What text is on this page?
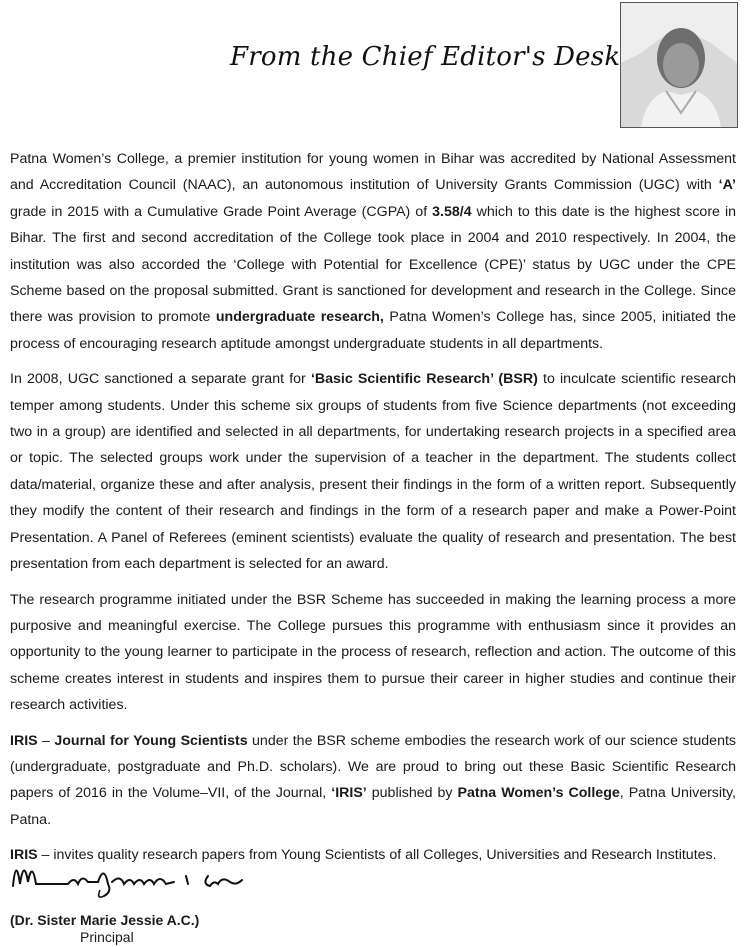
From the Chief Editor's Desk

Patna Women’s College, a premier institution for young women in Bihar was accredited by National Assessment and Accreditation Council (NAAC), an autonomous institution of University Grants Commission (UGC) with ‘A’ grade in 2015 with a Cumulative Grade Point Average (CGPA) of 3.58/4 which to this date is the highest score in Bihar. The first and second accreditation of the College took place in 2004 and 2010 respectively. In 2004, the institution was also accorded the ‘College with Potential for Excellence (CPE)’ status by UGC under the CPE Scheme based on the proposal submitted. Grant is sanctioned for development and research in the College. Since there was provision to promote undergraduate research, Patna Women’s College has, since 2005, initiated the process of encouraging research aptitude amongst undergraduate students in all departments.

In 2008, UGC sanctioned a separate grant for ‘Basic Scientific Research’ (BSR) to inculcate scientific research temper among students. Under this scheme six groups of students from five Science departments (not exceeding two in a group) are identified and selected in all departments, for undertaking research projects in a specified area or topic. The selected groups work under the supervision of a teacher in the department. The students collect data/material, organize these and after analysis, present their findings in the form of a written report. Subsequently they modify the content of their research and findings in the form of a research paper and make a Power-Point Presentation. A Panel of Referees (eminent scientists) evaluate the quality of research and presentation. The best presentation from each department is selected for an award.

The research programme initiated under the BSR Scheme has succeeded in making the learning process a more purposive and meaningful exercise. The College pursues this programme with enthusiasm since it provides an opportunity to the young learner to participate in the process of research, reflection and action. The outcome of this scheme creates interest in students and inspires them to pursue their career in higher studies and continue their research activities.

IRIS – Journal for Young Scientists under the BSR scheme embodies the research work of our science students (undergraduate, postgraduate and Ph.D. scholars). We are proud to bring out these Basic Scientific Research papers of 2016 in the Volume–VII, of the Journal, ‘IRIS’ published by Patna Women’s College, Patna University, Patna.

IRIS – invites quality research papers from Young Scientists of all Colleges, Universities and Research Institutes.

(Dr. Sister Marie Jessie A.C.)
Principal
